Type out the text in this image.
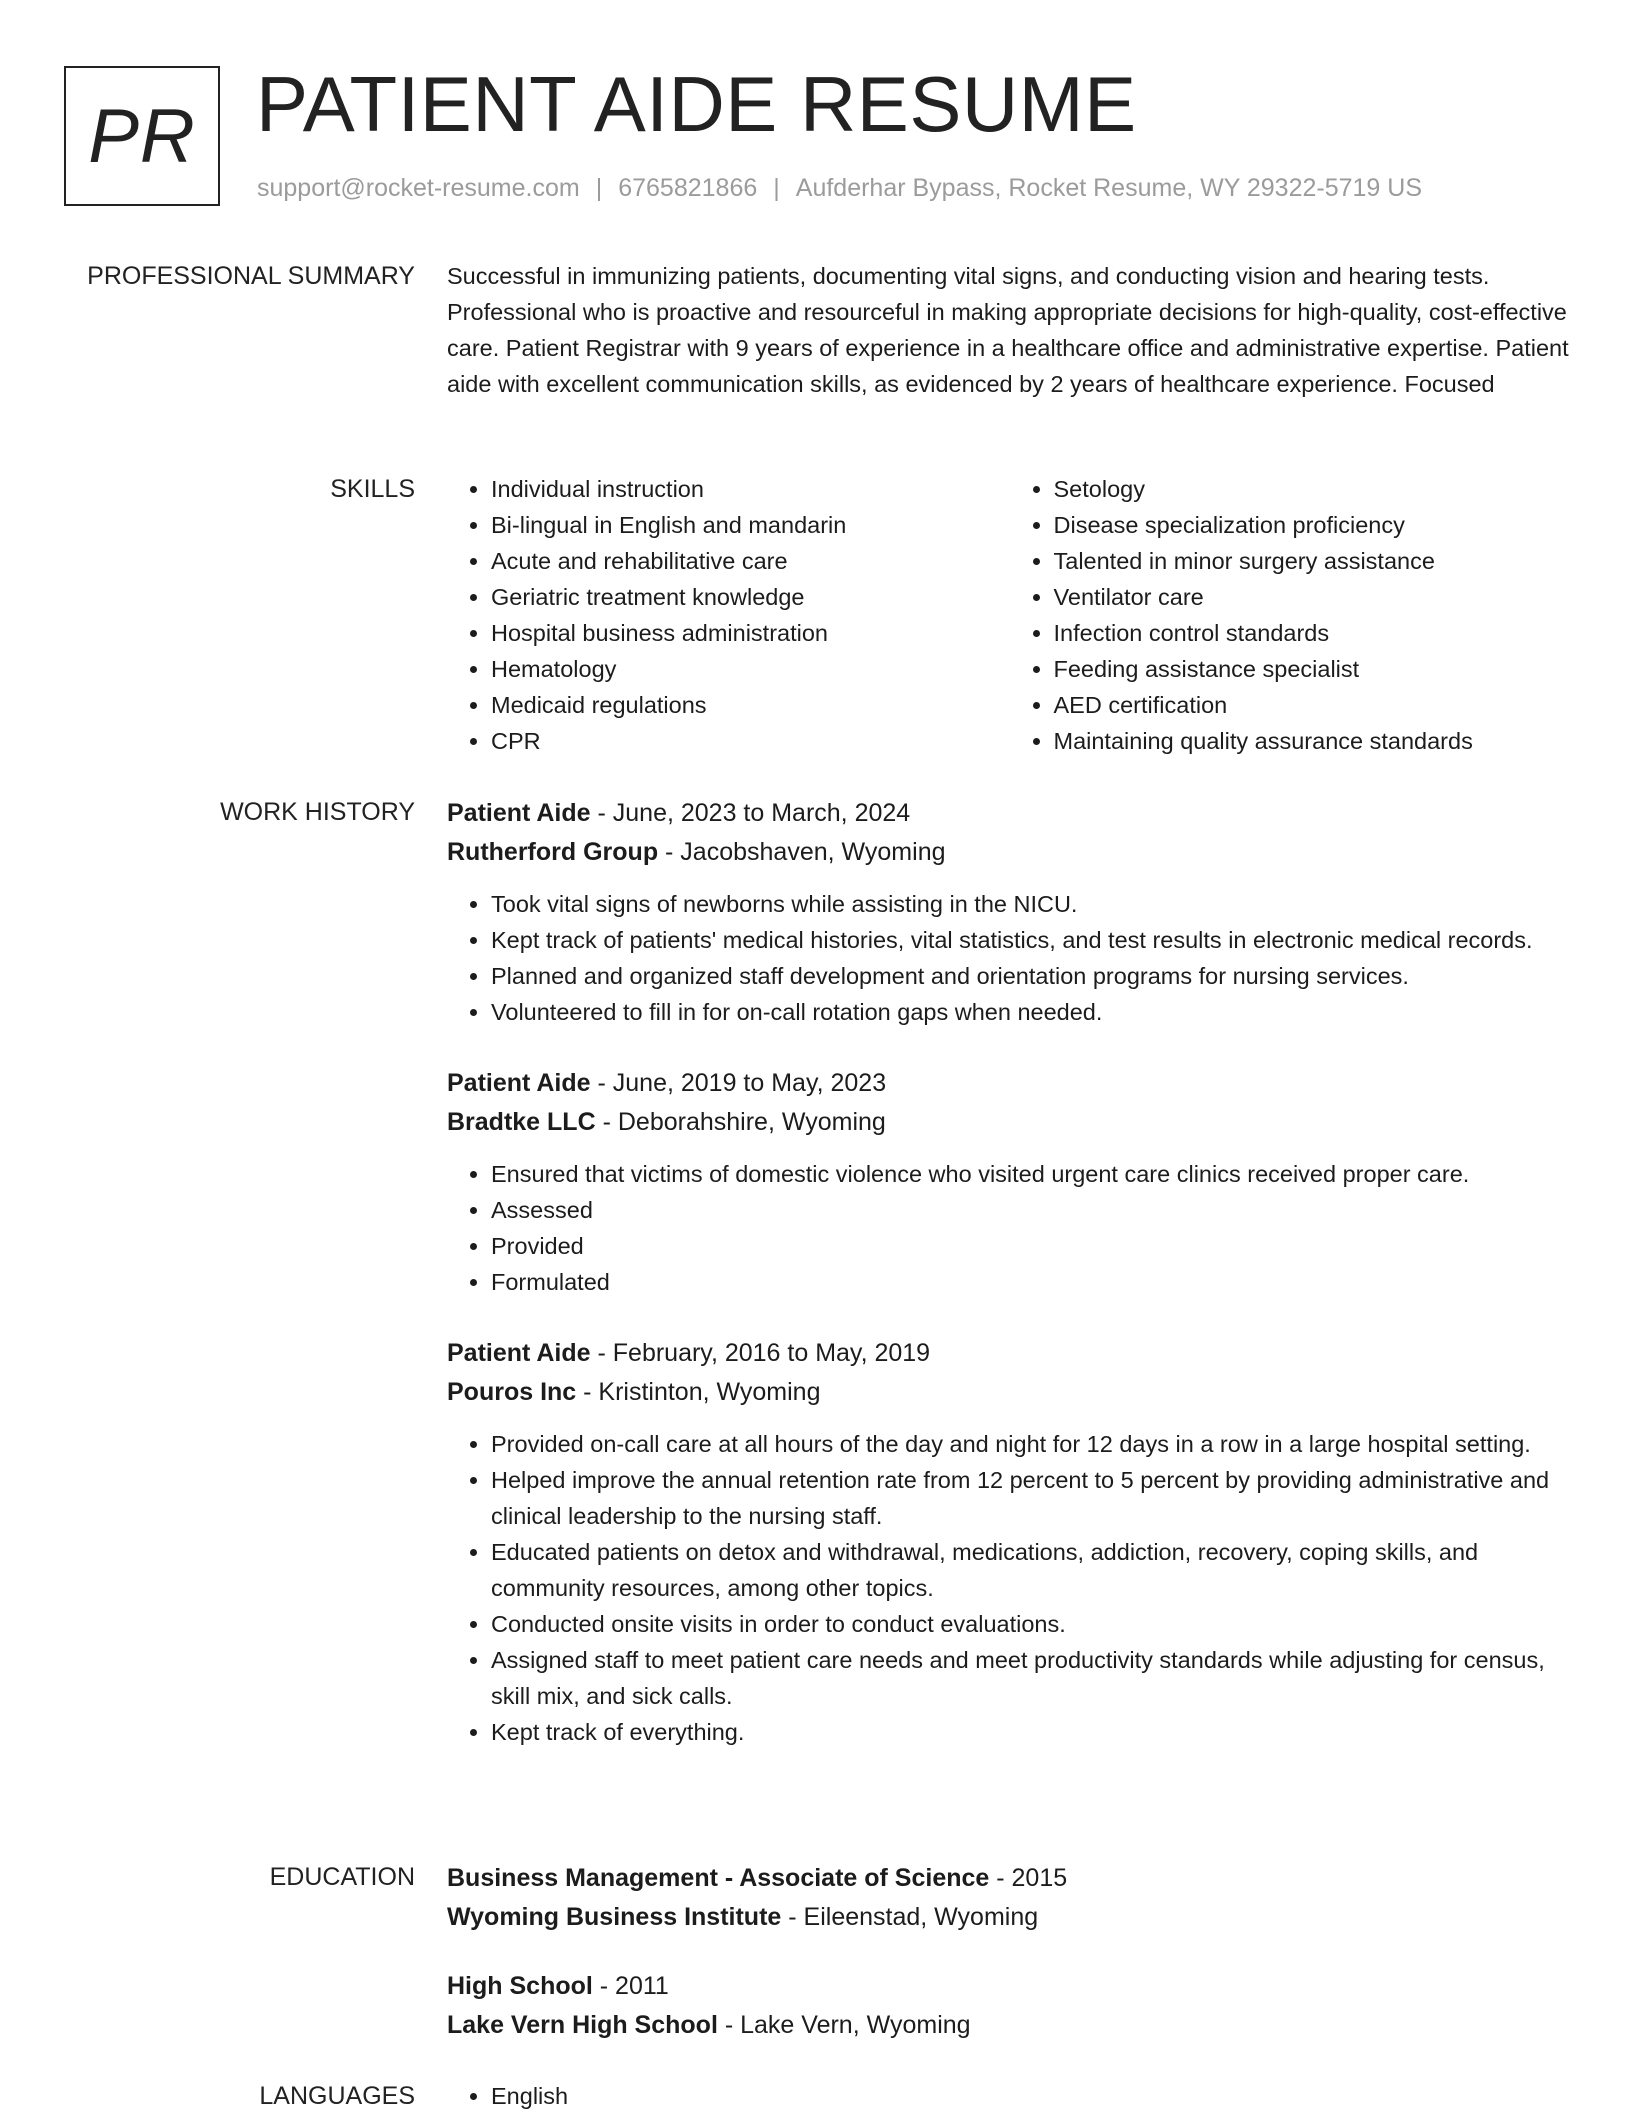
PR PATIENT AIDE RESUME
support@rocket-resume.com | 6765821866 | Aufderhar Bypass, Rocket Resume, WY 29322-5719 US
PROFESSIONAL SUMMARY Successful in immunizing patients, documenting vital signs, and conducting vision and hearing tests. Professional who is proactive and resourceful in making appropriate decisions for high-quality, cost-effective care. Patient Registrar with 9 years of experience in a healthcare office and administrative expertise. Patient aide with excellent communication skills, as evidenced by 2 years of healthcare experience. Focused

SKILLS	• Individual instruction
• Bi-lingual in English and mandarin
• Acute and rehabilitative care
• Geriatric treatment knowledge
• Hospital business administration
• Hematology
• Medicaid regulations
• CPR
• Setology
• Disease specialization proficiency
• Talented in minor surgery assistance
• Ventilator care
• Infection control standards
• Feeding assistance specialist
• AED certification
• Maintaining quality assurance standards
WORK HISTORY Patient Aide - June, 2023 to March, 2024
Rutherford Group - Jacobshaven, Wyoming
• Took vital signs of newborns while assisting in the NICU.
• Kept track of patients' medical histories, vital statistics, and test results in electronic medical records.
• Planned and organized staff development and orientation programs for nursing services.
• Volunteered to fill in for on-call rotation gaps when needed.
Patient Aide - June, 2019 to May, 2023
Bradtke LLC - Deborahshire, Wyoming
• Ensured that victims of domestic violence who visited urgent care clinics received proper care.
• Assessed
• Provided
• Formulated
Patient Aide - February, 2016 to May, 2019
Pouros Inc - Kristinton, Wyoming
• Provided on-call care at all hours of the day and night for 12 days in a row in a large hospital setting.
• Helped improve the annual retention rate from 12 percent to 5 percent by providing administrative and clinical leadership to the nursing staff.
• Educated patients on detox and withdrawal, medications, addiction, recovery, coping skills, and community resources, among other topics.
• Conducted onsite visits in order to conduct evaluations.
• Assigned staff to meet patient care needs and meet productivity standards while adjusting for census, skill mix, and sick calls.
• Kept track of everything.
EDUCATION Business Management - Associate of Science - 2015
Wyoming Business Institute - Eileenstad, Wyoming
High School - 2011
Lake Vern High School - Lake Vern, Wyoming
LANGUAGES	• English
